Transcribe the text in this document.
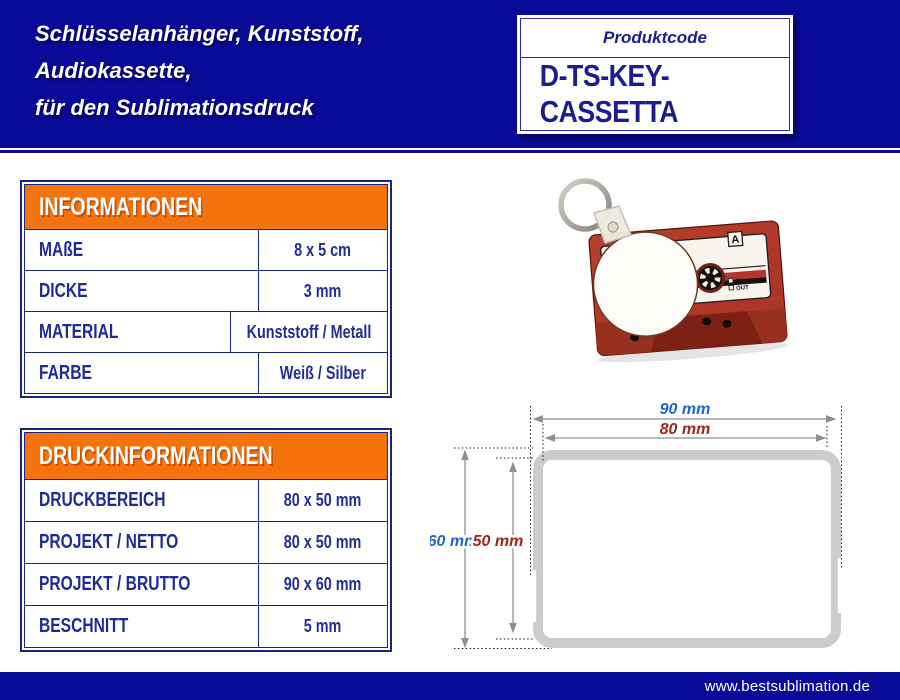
Schlüsselanhänger, Kunststoff,
Audiokassette,
für den Sublimationsdruck
Produktcode
D-TS-KEY-CASSETTA
INFORMATIONEN
MAßE	8 x 5 cm
DICKE	3 mm
MATERIAL	Kunststoff / Metall
FARBE	Weiß / Silber
DRUCKINFORMATIONEN
DRUCKBEREICH	80 x 50 mm
PROJEKT / NETTO	80 x 50 mm
PROJEKT / BRUTTO	90 x 60 mm
BESCHNITT	5 mm
A
IN
OUT
90 mm
80 mm
60 mm
50 mm
www.bestsublimation.de
